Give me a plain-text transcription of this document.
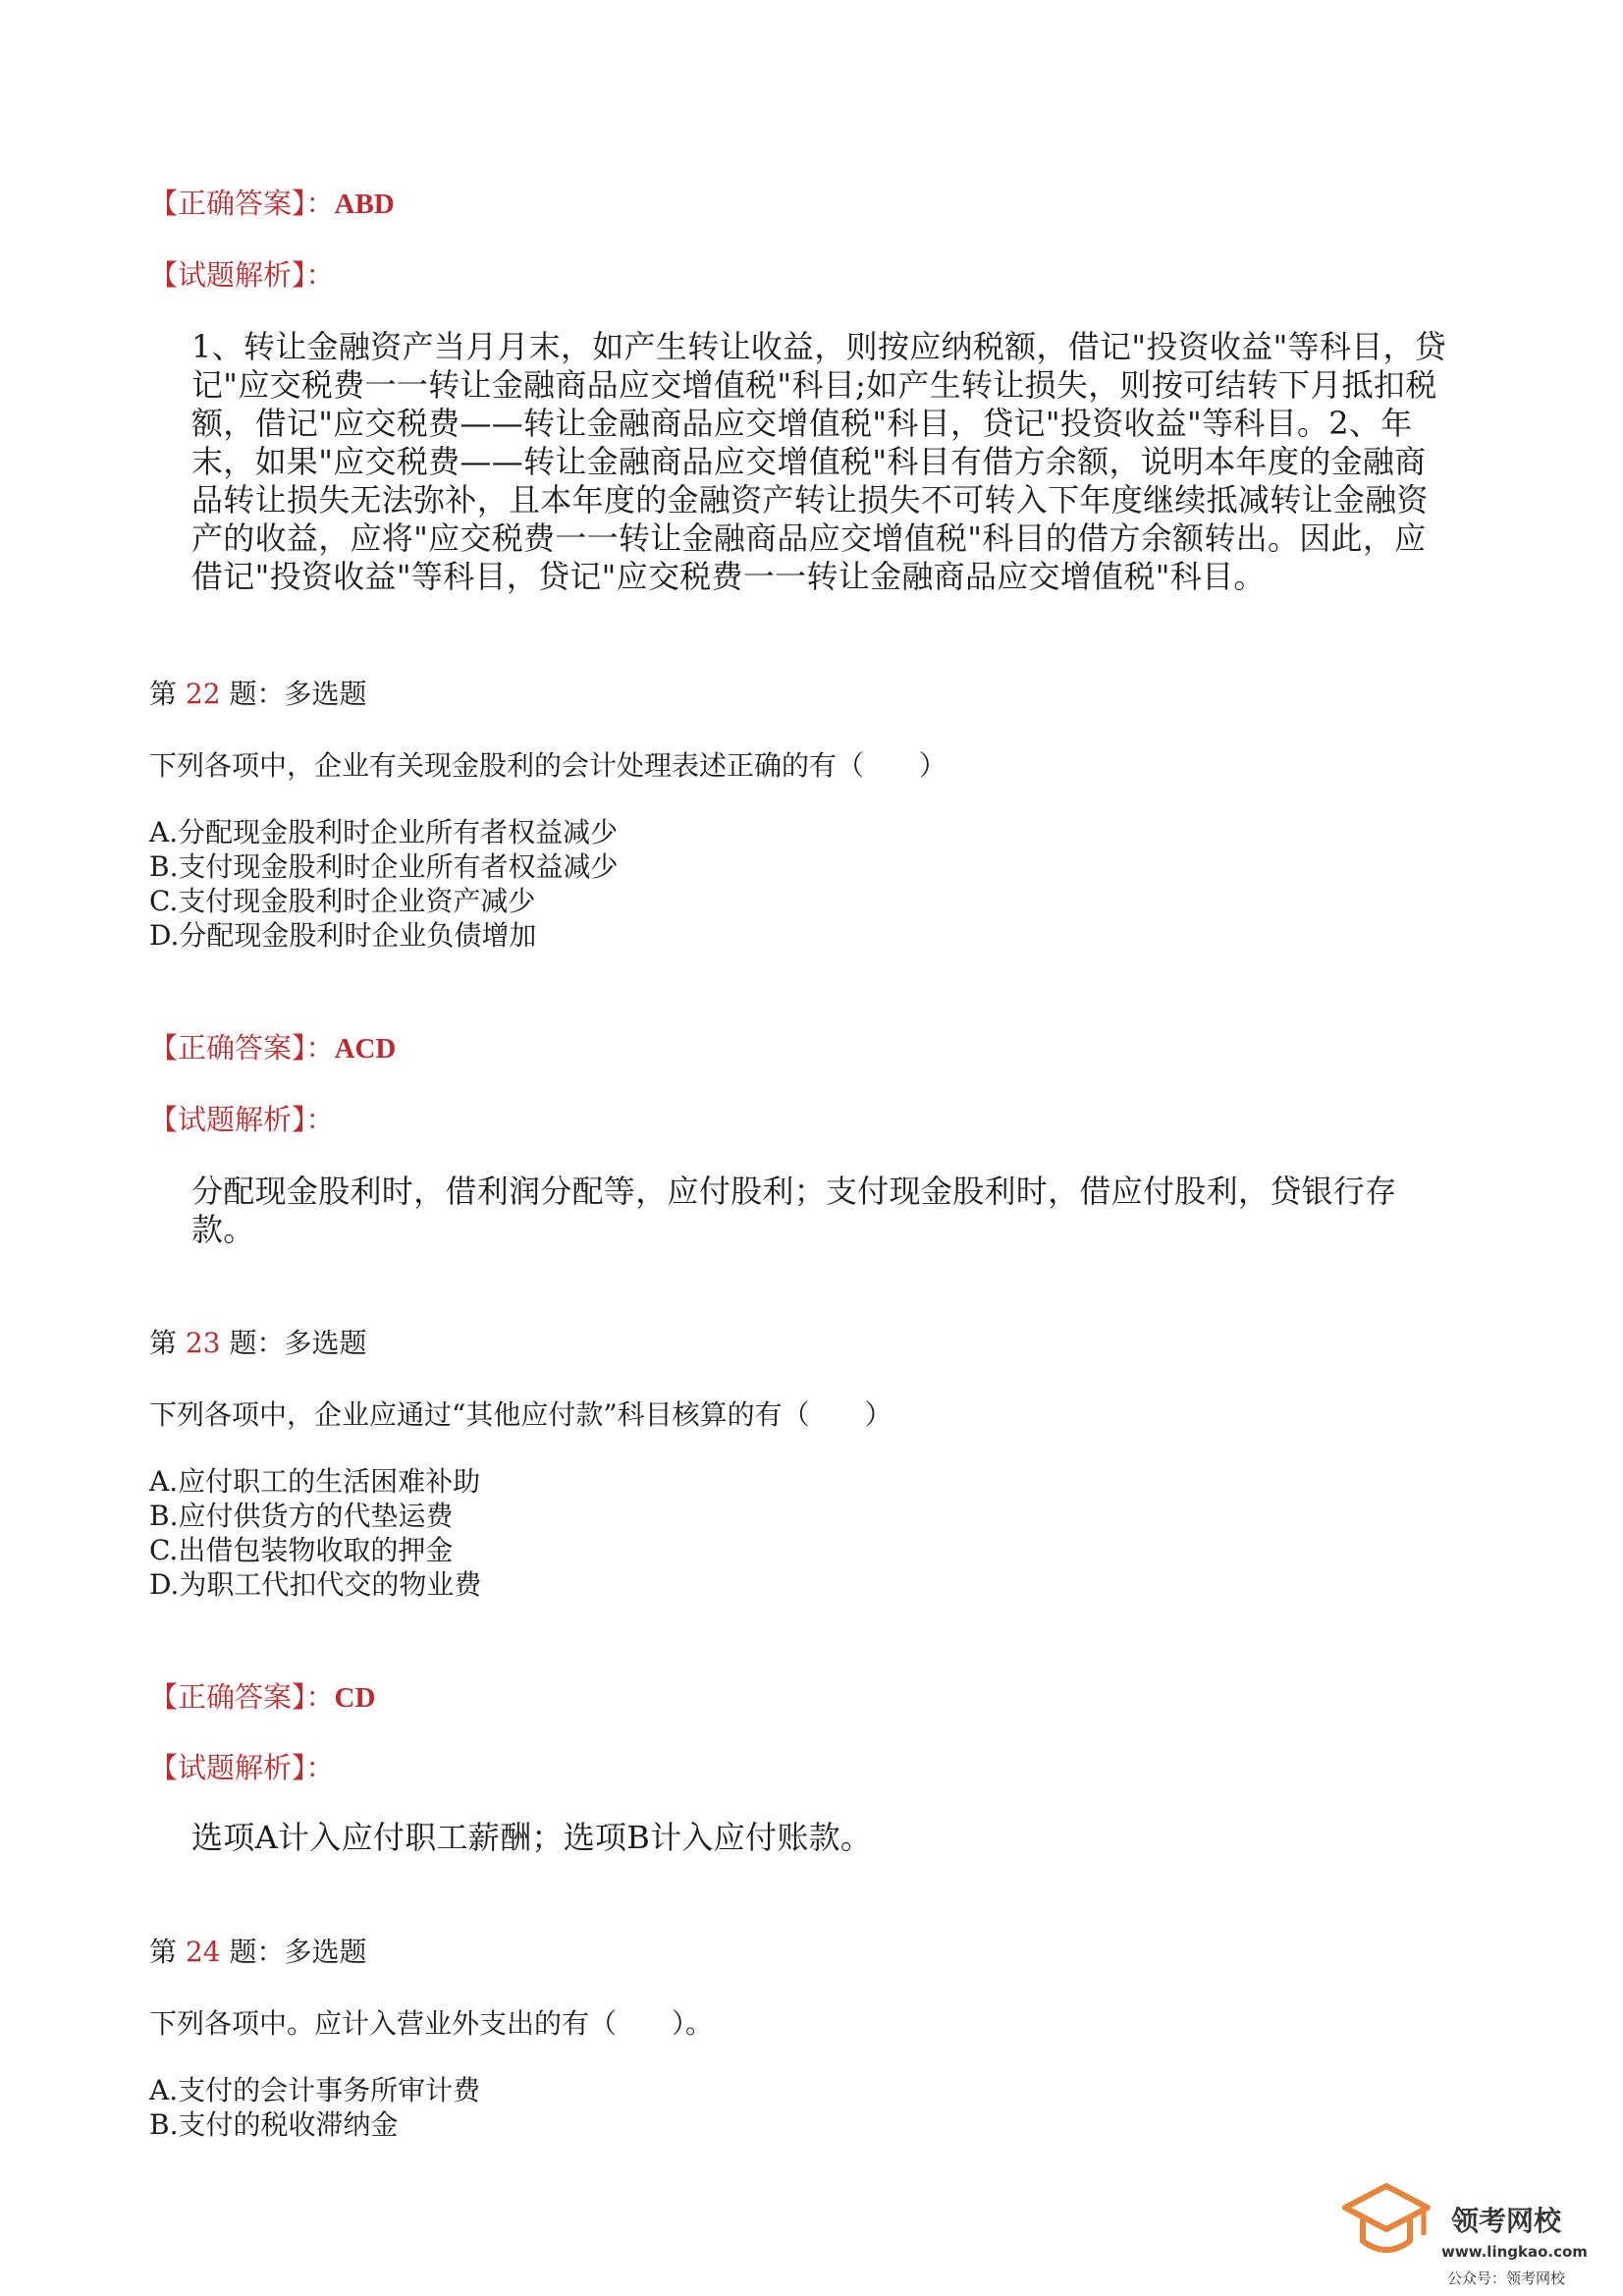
【正确答案】：ABD
【试题解析】：
1、转让金融资产当月月末，如产生转让收益，则按应纳税额，借记"投资收益"等科目，贷
记"应交税费一一转让金融商品应交增值税"科目;如产生转让损失，则按可结转下月抵扣税
额，借记"应交税费——转让金融商品应交增值税"科目，贷记"投资收益"等科目。2、年
末，如果"应交税费——转让金融商品应交增值税"科目有借方余额，说明本年度的金融商
品转让损失无法弥补，且本年度的金融资产转让损失不可转入下年度继续抵减转让金融资
产的收益，应将"应交税费一一转让金融商品应交增值税"科目的借方余额转出。因此，应
借记"投资收益"等科目，贷记"应交税费一一转让金融商品应交增值税"科目。
第 22 题：多选题
下列各项中，企业有关现金股利的会计处理表述正确的有（　　）
A.分配现金股利时企业所有者权益减少
B.支付现金股利时企业所有者权益减少
C.支付现金股利时企业资产减少
D.分配现金股利时企业负债增加
【正确答案】：ACD
【试题解析】：
分配现金股利时，借利润分配等，应付股利；支付现金股利时，借应付股利，贷银行存
款。
第 23 题：多选题
下列各项中，企业应通过“其他应付款”科目核算的有（　　）
A.应付职工的生活困难补助
B.应付供货方的代垫运费
C.出借包装物收取的押金
D.为职工代扣代交的物业费
【正确答案】：CD
【试题解析】：
选项A计入应付职工薪酬；选项B计入应付账款。
第 24 题：多选题
下列各项中。应计入营业外支出的有（　　）。
A.支付的会计事务所审计费
B.支付的税收滞纳金
领考网校
www.lingkao.com
公众号：领考网校
